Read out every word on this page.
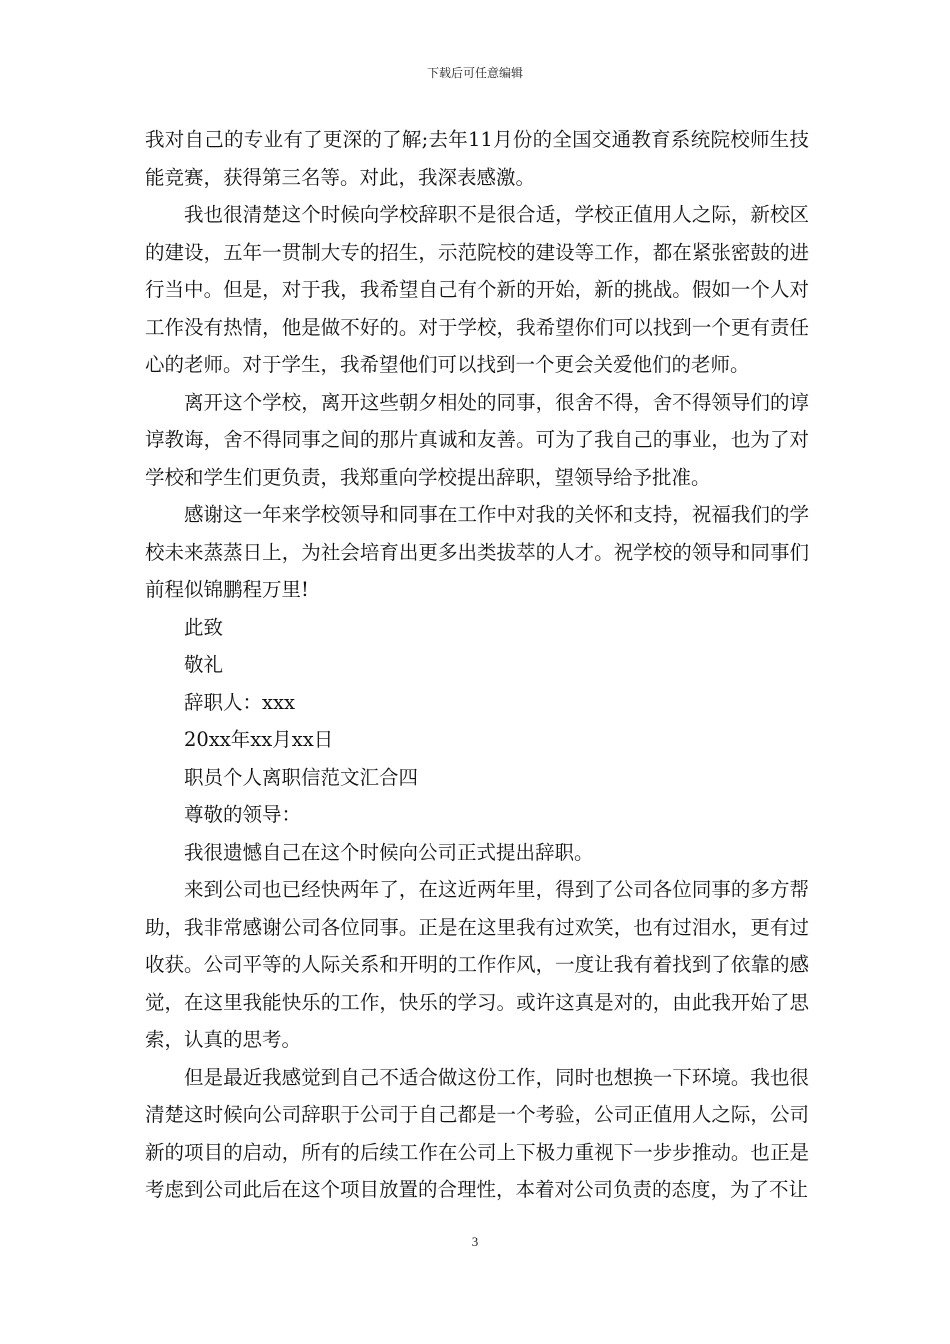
下载后可任意编辑

我对自己的专业有了更深的了解;去年11月份的全国交通教育系统院校师生技能竞赛，获得第三名等。对此，我深表感激。

我也很清楚这个时候向学校辞职不是很合适，学校正值用人之际，新校区的建设，五年一贯制大专的招生，示范院校的建设等工作，都在紧张密鼓的进行当中。但是，对于我，我希望自己有个新的开始，新的挑战。假如一个人对工作没有热情，他是做不好的。对于学校，我希望你们可以找到一个更有责任心的老师。对于学生，我希望他们可以找到一个更会关爱他们的老师。

离开这个学校，离开这些朝夕相处的同事，很舍不得，舍不得领导们的谆谆教诲，舍不得同事之间的那片真诚和友善。可为了我自己的事业，也为了对学校和学生们更负责，我郑重向学校提出辞职，望领导给予批准。

感谢这一年来学校领导和同事在工作中对我的关怀和支持，祝福我们的学校未来蒸蒸日上，为社会培育出更多出类拔萃的人才。祝学校的领导和同事们前程似锦鹏程万里!

此致

敬礼

辞职人：xxx

20xx年xx月xx日

职员个人离职信范文汇合四

尊敬的领导：

我很遗憾自己在这个时候向公司正式提出辞职。

来到公司也已经快两年了，在这近两年里，得到了公司各位同事的多方帮助，我非常感谢公司各位同事。正是在这里我有过欢笑，也有过泪水，更有过收获。公司平等的人际关系和开明的工作作风，一度让我有着找到了依靠的感觉，在这里我能快乐的工作，快乐的学习。或许这真是对的，由此我开始了思索，认真的思考。

但是最近我感觉到自己不适合做这份工作，同时也想换一下环境。我也很清楚这时候向公司辞职于公司于自己都是一个考验，公司正值用人之际，公司新的项目的启动，所有的后续工作在公司上下极力重视下一步步推动。也正是考虑到公司此后在这个项目放置的合理性，本着对公司负责的态度，为了不让

3
